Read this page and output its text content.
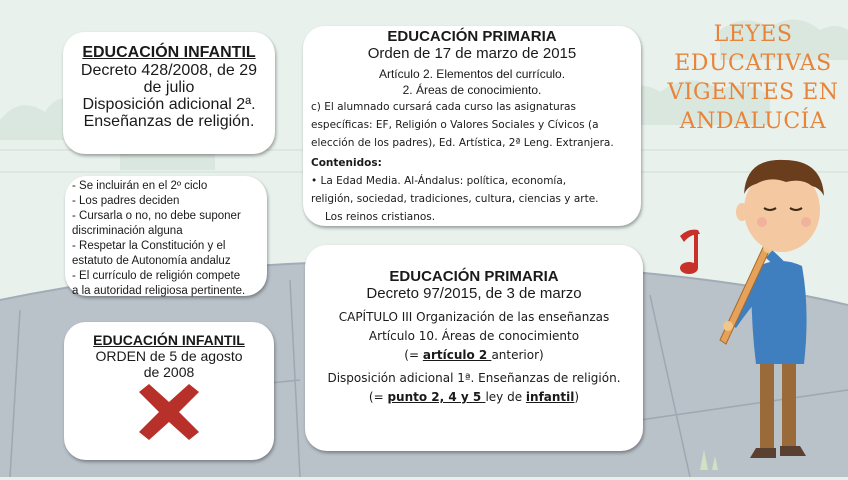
EDUCACIÓN INFANTIL
Decreto 428/2008, de 29
de julio
Disposición adicional 2ª.
Enseñanzas de religión.
- Se incluirán en el 2º ciclo
- Los padres deciden
- Cursarla o no, no debe suponer
discriminación alguna
- Respetar la Constitución y el
estatuto de Autonomía andaluz
- El currículo de religión compete
a la autoridad religiosa pertinente.
EDUCACIÓN INFANTIL
ORDEN de 5 de agosto
de 2008
EDUCACIÓN PRIMARIA
Orden de 17 de marzo de 2015
Artículo 2. Elementos del currículo.
2. Áreas de conocimiento.
c) El alumnado cursará cada curso las asignaturas
específicas: EF, Religión o Valores Sociales y Cívicos (a
elección de los padres), Ed. Artística, 2ª Leng. Extranjera.
Contenidos:
• La Edad Media. Al-Ándalus: política, economía,
religión, sociedad, tradiciones, cultura, ciencias y arte.
Los reinos cristianos.
EDUCACIÓN PRIMARIA
Decreto 97/2015, de 3 de marzo
CAPÍTULO III Organización de las enseñanzas
Artículo 10. Áreas de conocimiento
(= artículo 2 anterior)
Disposición adicional 1ª. Enseñanzas de religión.
(= punto 2, 4 y 5 ley de infantil)
LEYES EDUCATIVAS VIGENTES EN ANDALUCÍA
